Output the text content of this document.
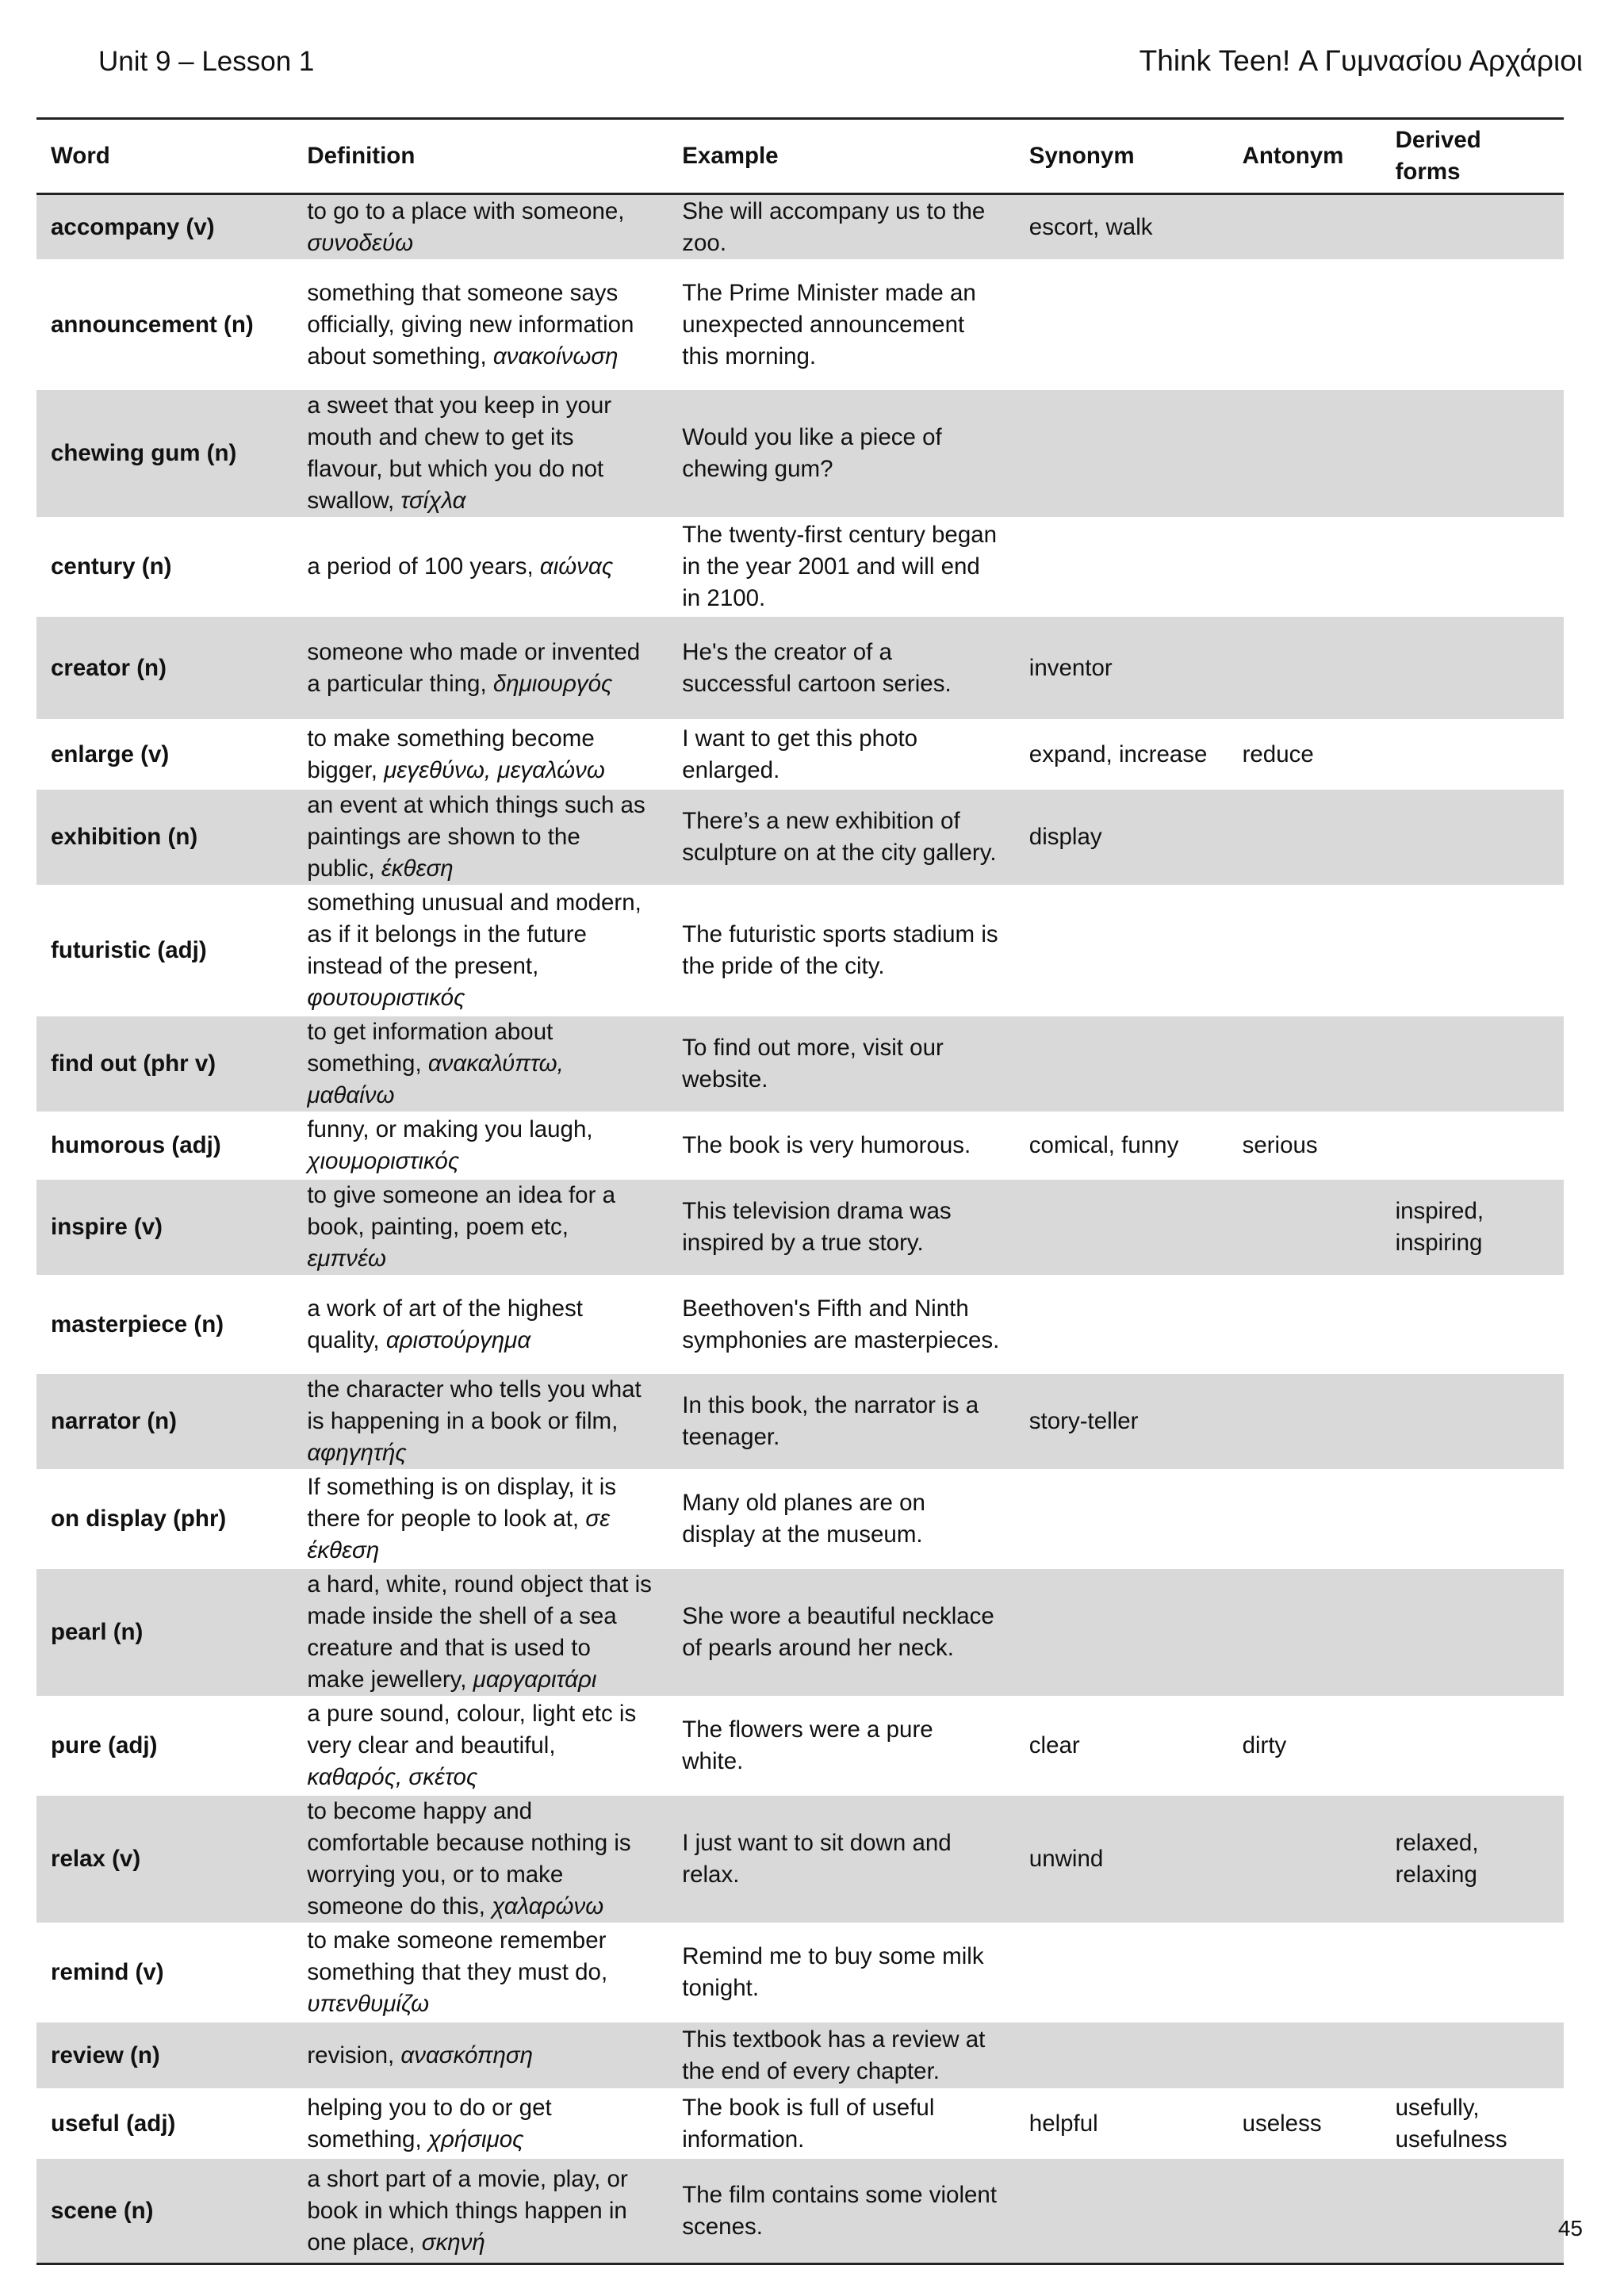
Unit 9 – Lesson 1	Think Teen! Α Γυμνασίου Αρχάριοι
Word	Definition	Example	Synonym	Antonym	Derived forms
accompany (v)	to go to a place with someone, συνοδεύω	She will accompany us to the zoo.	escort, walk		
announcement (n)	something that someone says officially, giving new information about something, ανακοίνωση	The Prime Minister made an unexpected announcement this morning.			
chewing gum (n)	a sweet that you keep in your mouth and chew to get its flavour, but which you do not swallow, τσίχλα	Would you like a piece of chewing gum?			
century (n)	a period of 100 years, αιώνας	The twenty-first century began in the year 2001 and will end in 2100.			
creator (n)	someone who made or invented a particular thing, δημιουργός	He's the creator of a successful cartoon series.	inventor		
enlarge (v)	to make something become bigger, μεγεθύνω, μεγαλώνω	I want to get this photo enlarged.	expand, increase	reduce	
exhibition (n)	an event at which things such as paintings are shown to the public, έκθεση	There’s a new exhibition of sculpture on at the city gallery.	display		
futuristic (adj)	something unusual and modern, as if it belongs in the future instead of the present, φουτουριστικός	The futuristic sports stadium is the pride of the city.			
find out (phr v)	to get information about something, ανακαλύπτω, μαθαίνω	To find out more, visit our website.			
humorous (adj)	funny, or making you laugh, χιουμοριστικός	The book is very humorous.	comical, funny	serious	
inspire (v)	to give someone an idea for a book, painting, poem etc, εμπνέω	This television drama was inspired by a true story.			inspired, inspiring
masterpiece (n)	a work of art of the highest quality, αριστούργημα	Beethoven's Fifth and Ninth symphonies are masterpieces.			
narrator (n)	the character who tells you what is happening in a book or film, αφηγητής	In this book, the narrator is a teenager.	story-teller		
on display (phr)	If something is on display, it is there for people to look at, σε έκθεση	Many old planes are on display at the museum.			
pearl (n)	a hard, white, round object that is made inside the shell of a sea creature and that is used to make jewellery, μαργαριτάρι	She wore a beautiful necklace of pearls around her neck.			
pure (adj)	a pure sound, colour, light etc is very clear and beautiful, καθαρός, σκέτος	The flowers were a pure white.	clear	dirty	
relax (v)	to become happy and comfortable because nothing is worrying you, or to make someone do this, χαλαρώνω	I just want to sit down and relax.	unwind		relaxed, relaxing
remind (v)	to make someone remember something that they must do, υπενθυμίζω	Remind me to buy some milk tonight.			
review (n)	revision, ανασκόπηση	This textbook has a review at the end of every chapter.			
useful (adj)	helping you to do or get something, χρήσιμος	The book is full of useful information.	helpful	useless	usefully, usefulness
scene (n)	a short part of a movie, play, or book in which things happen in one place, σκηνή	The film contains some violent scenes.				45
